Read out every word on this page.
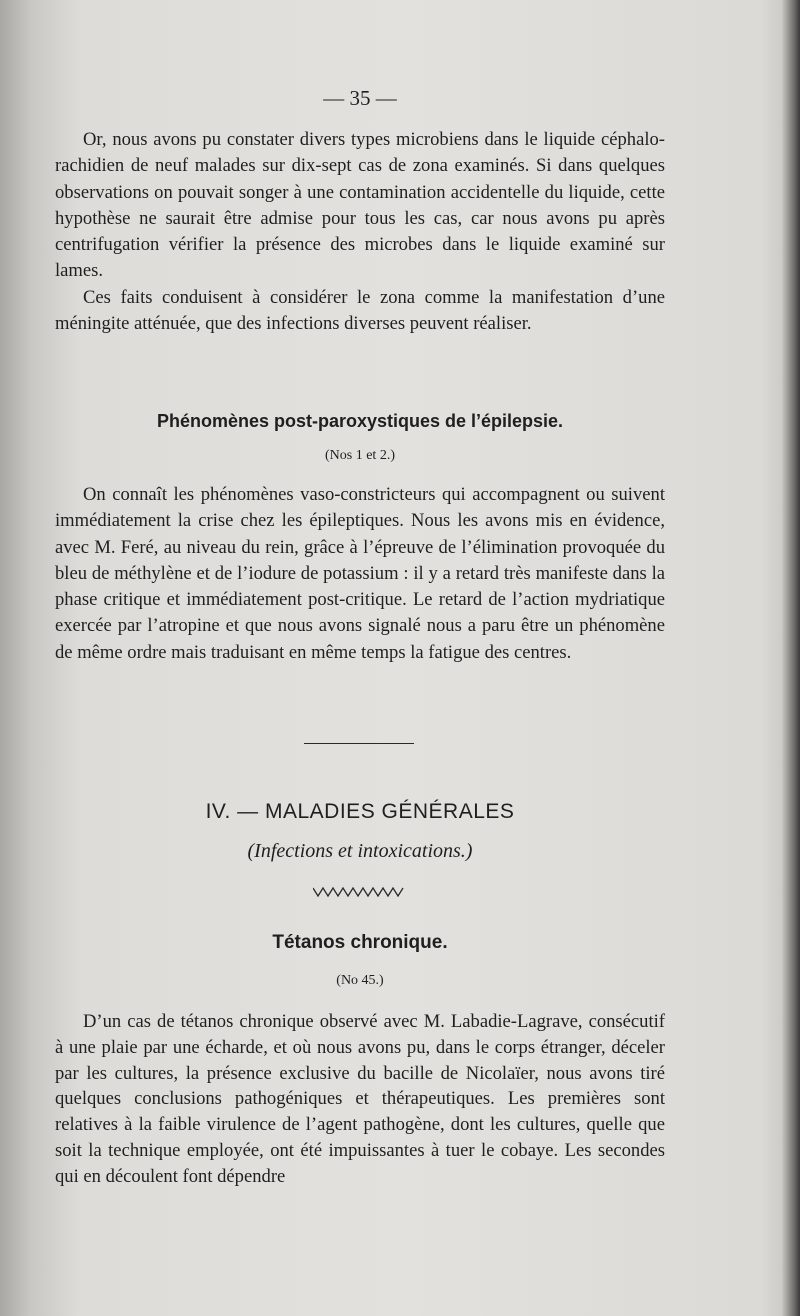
— 35 —

Or, nous avons pu constater divers types microbiens dans le liquide céphalo-rachidien de neuf malades sur dix-sept cas de zona examinés. Si dans quelques observations on pouvait songer à une contamination accidentelle du liquide, cette hypothèse ne saurait être admise pour tous les cas, car nous avons pu après centrifugation vérifier la présence des microbes dans le liquide examiné sur lames.

Ces faits conduisent à considérer le zona comme la manifestation d’une méningite atténuée, que des infections diverses peuvent réaliser.

Phénomènes post-paroxystiques de l’épilepsie.
(Nos 1 et 2.)

On connaît les phénomènes vaso-constricteurs qui accompagnent ou suivent immédiatement la crise chez les épileptiques. Nous les avons mis en évidence, avec M. Feré, au niveau du rein, grâce à l’épreuve de l’élimination provoquée du bleu de méthylène et de l’iodure de potassium : il y a retard très manifeste dans la phase critique et immédiatement post-critique. Le retard de l’action mydriatique exercée par l’atropine et que nous avons signalé nous a paru être un phénomène de même ordre mais traduisant en même temps la fatigue des centres.

IV. — MALADIES GÉNÉRALES
(Infections et intoxications.)
Tétanos chronique.
(No 45.)

D’un cas de tétanos chronique observé avec M. Labadie-Lagrave, consécutif à une plaie par une écharde, et où nous avons pu, dans le corps étranger, déceler par les cultures, la présence exclusive du bacille de Nicolaïer, nous avons tiré quelques conclusions pathogéniques et thérapeutiques. Les premières sont relatives à la faible virulence de l’agent pathogène, dont les cultures, quelle que soit la technique employée, ont été impuissantes à tuer le cobaye. Les secondes qui en découlent font dépendre
